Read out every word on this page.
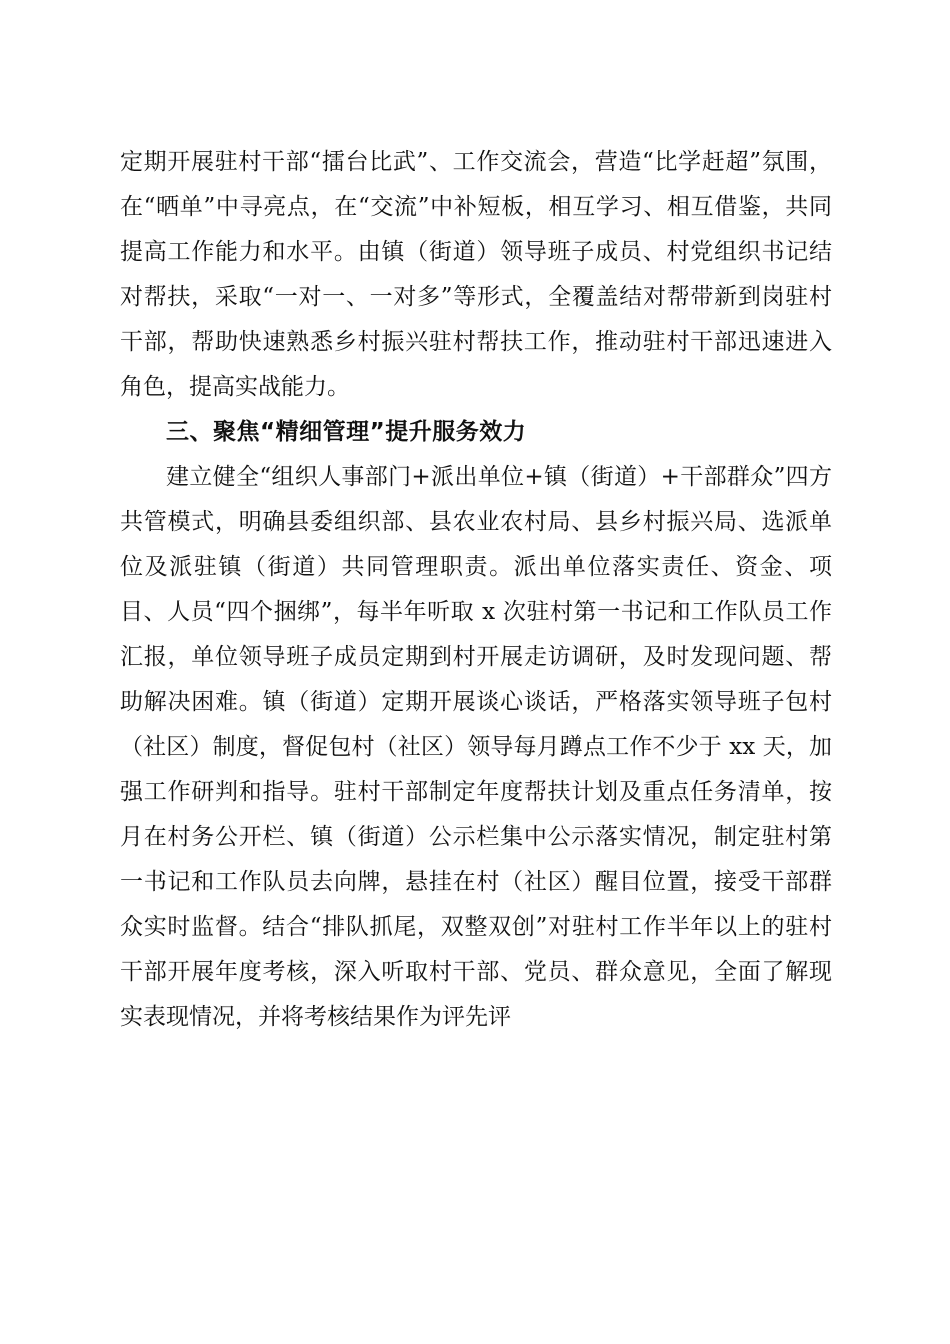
定期开展驻村干部“擂台比武”、工作交流会，营造“比学赶超”氛围，在“晒单”中寻亮点，在“交流”中补短板，相互学习、相互借鉴，共同提高工作能力和水平。由镇（街道）领导班子成员、村党组织书记结对帮扶，采取“一对一、一对多”等形式，全覆盖结对帮带新到岗驻村干部，帮助快速熟悉乡村振兴驻村帮扶工作，推动驻村干部迅速进入角色，提高实战能力。

三、聚焦“精细管理”提升服务效力

建立健全“组织人事部门+派出单位+镇（街道）+干部群众”四方共管模式，明确县委组织部、县农业农村局、县乡村振兴局、选派单位及派驻镇（街道）共同管理职责。派出单位落实责任、资金、项目、人员“四个捆绑”，每半年听取 x 次驻村第一书记和工作队员工作汇报，单位领导班子成员定期到村开展走访调研，及时发现问题、帮助解决困难。镇（街道）定期开展谈心谈话，严格落实领导班子包村（社区）制度，督促包村（社区）领导每月蹲点工作不少于 xx 天，加强工作研判和指导。驻村干部制定年度帮扶计划及重点任务清单，按月在村务公开栏、镇（街道）公示栏集中公示落实情况，制定驻村第一书记和工作队员去向牌，悬挂在村（社区）醒目位置，接受干部群众实时监督。结合“排队抓尾，双整双创”对驻村工作半年以上的驻村干部开展年度考核，深入听取村干部、党员、群众意见，全面了解现实表现情况，并将考核结果作为评先评
